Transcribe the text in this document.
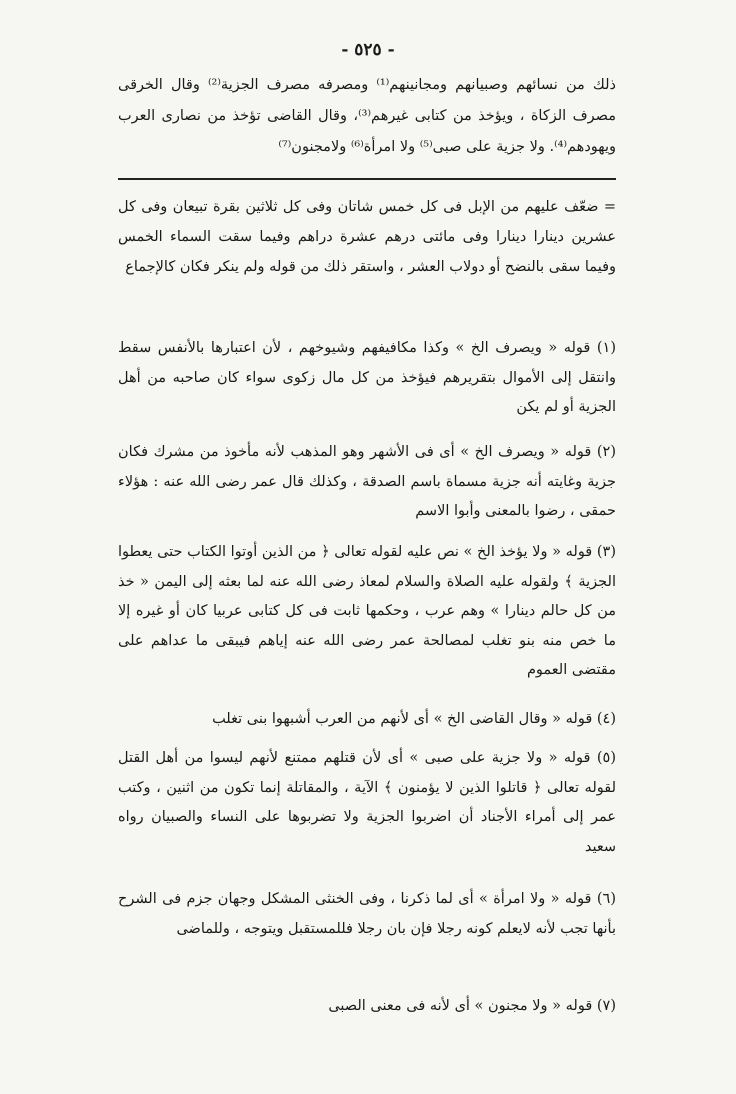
- ٥٢٥ -
ذلك من نسائهم وصبيانهم ومجانينهم⁽¹⁾ ومصرفه مصرف الجزية⁽²⁾ وقال الخرقى مصرف الزكاة ، ويؤخذ من كتابى غيرهم⁽³⁾، وقال القاضى تؤخذ من نصارى العرب ويهودهم⁽⁴⁾. ولا جزية على صبى⁽⁵⁾ ولا امرأة⁽⁶⁾ ولامجنون⁽⁷⁾
= ضعّف عليهم من الإبل فى كل خمس شاتان وفى كل ثلاثين بقرة تبيعان وفى كل عشرين دينارا دينارا وفى مائتى درهم عشرة دراهم وفيما سقت السماء الخمس وفيما سقى بالنضح أو دولاب العشر ، واستقر ذلك من قوله ولم ينكر فكان كالإجماع

(١) قوله « ويصرف الخ » وكذا مكافيفهم وشيوخهم ، لأن اعتبارها بالأنفس سقط وانتقل إلى الأموال بتقريرهم فيؤخذ من كل مال زكوى سواء كان صاحبه من أهل الجزية أو لم يكن

(٢) قوله « ويصرف الخ » أى فى الأشهر وهو المذهب لأنه مأخوذ من مشرك فكان جزية وغايته أنه جزية مسماة باسم الصدقة ، وكذلك قال عمر رضى الله عنه : هؤلاء حمقى ، رضوا بالمعنى وأبوا الاسم

(٣) قوله « ولا يؤخذ الخ » نص عليه لقوله تعالى ﴿ من الذين أوتوا الكتاب حتى يعطوا الجزية ﴾ ولقوله عليه الصلاة والسلام لمعاذ رضى الله عنه لما بعثه إلى اليمن « خذ من كل حالم دينارا » وهم عرب ، وحكمها ثابت فى كل كتابى عربيا كان أو غيره إلا ما خص منه بنو تغلب لمصالحة عمر رضى الله عنه إياهم فيبقى ما عداهم على مقتضى العموم

(٤) قوله « وقال القاضى الخ » أى لأنهم من العرب أشبهوا بنى تغلب

(٥) قوله « ولا جزية على صبى » أى لأن قتلهم ممتنع لأنهم ليسوا من أهل القتل لقوله تعالى ﴿ قاتلوا الذين لا يؤمنون ﴾ الآية ، والمقاتلة إنما تكون من اثنين ، وكتب عمر إلى أمراء الأجناد أن اضربوا الجزية ولا تضربوها على النساء والصبيان رواه سعيد

(٦) قوله « ولا امرأة » أى لما ذكرنا ، وفى الخنثى المشكل وجهان جزم فى الشرح بأنها تجب لأنه لايعلم كونه رجلا فإن بان رجلا فللمستقبل ويتوجه ، وللماضى

(٧) قوله « ولا مجنون » أى لأنه فى معنى الصبى
